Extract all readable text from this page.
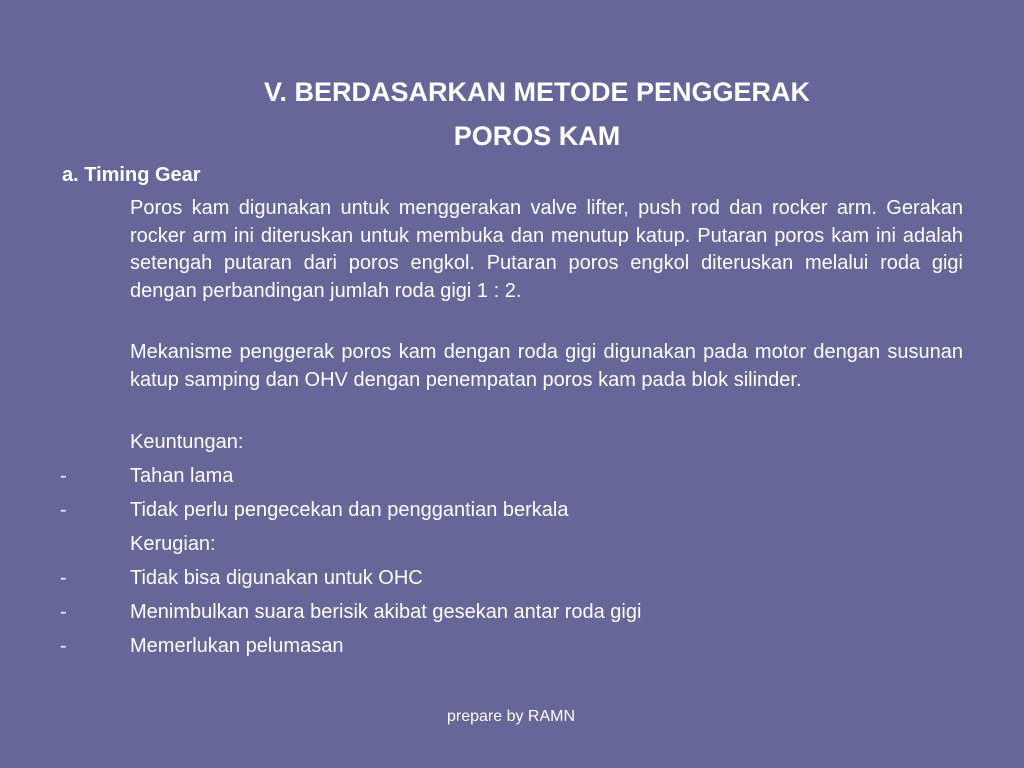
V. BERDASARKAN METODE PENGGERAK
POROS KAM
a. Timing Gear
Poros kam digunakan untuk menggerakan valve lifter, push rod dan rocker arm. Gerakan rocker arm ini diteruskan untuk membuka dan menutup katup. Putaran poros kam ini adalah setengah putaran dari poros engkol. Putaran poros engkol diteruskan melalui roda gigi dengan perbandingan jumlah roda gigi 1 : 2.
Mekanisme penggerak poros kam dengan roda gigi digunakan pada motor dengan susunan katup samping dan OHV dengan penempatan poros kam pada blok silinder.
Keuntungan:
-	Tahan lama
-	Tidak perlu pengecekan dan penggantian berkala
Kerugian:
-	Tidak bisa digunakan untuk OHC
-	Menimbulkan suara berisik akibat gesekan antar roda gigi
-	Memerlukan pelumasan
prepare by RAMN
